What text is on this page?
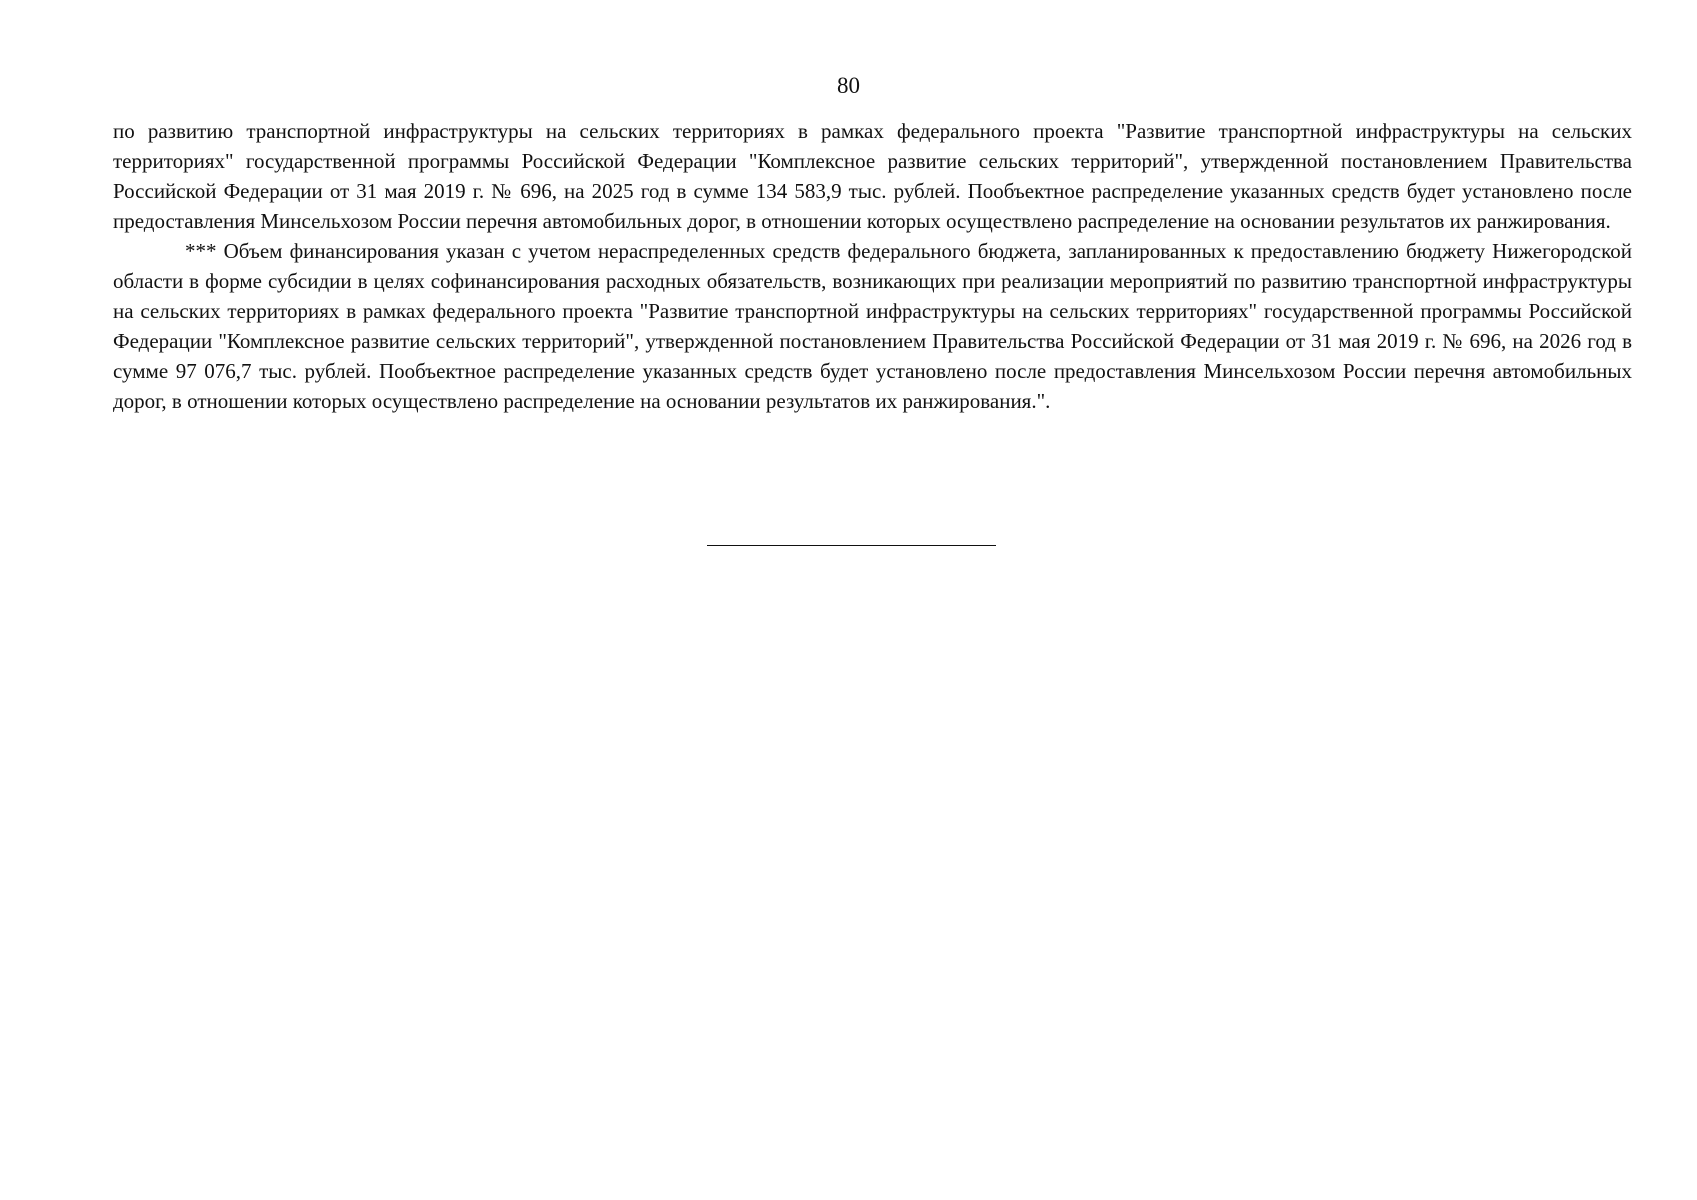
80

по развитию транспортной инфраструктуры на сельских территориях в рамках федерального проекта "Развитие транспортной инфраструктуры на сельских территориях" государственной программы Российской Федерации "Комплексное развитие сельских территорий", утвержденной постановлением Правительства Российской Федерации от 31 мая 2019 г. № 696, на 2025 год в сумме 134 583,9 тыс. рублей. Пообъектное распределение указанных средств будет установлено после предоставления Минсельхозом России перечня автомобильных дорог, в отношении которых осуществлено распределение на основании результатов их ранжирования.

*** Объем финансирования указан с учетом нераспределенных средств федерального бюджета, запланированных к предоставлению бюджету Нижегородской области в форме субсидии в целях софинансирования расходных обязательств, возникающих при реализации мероприятий по развитию транспортной инфраструктуры на сельских территориях в рамках федерального проекта "Развитие транспортной инфраструктуры на сельских территориях" государственной программы Российской Федерации "Комплексное развитие сельских территорий", утвержденной постановлением Правительства Российской Федерации от 31 мая 2019 г. № 696, на 2026 год в сумме 97 076,7 тыс. рублей. Пообъектное распределение указанных средств будет установлено после предоставления Минсельхозом России перечня автомобильных дорог, в отношении которых осуществлено распределение на основании результатов их ранжирования.".
